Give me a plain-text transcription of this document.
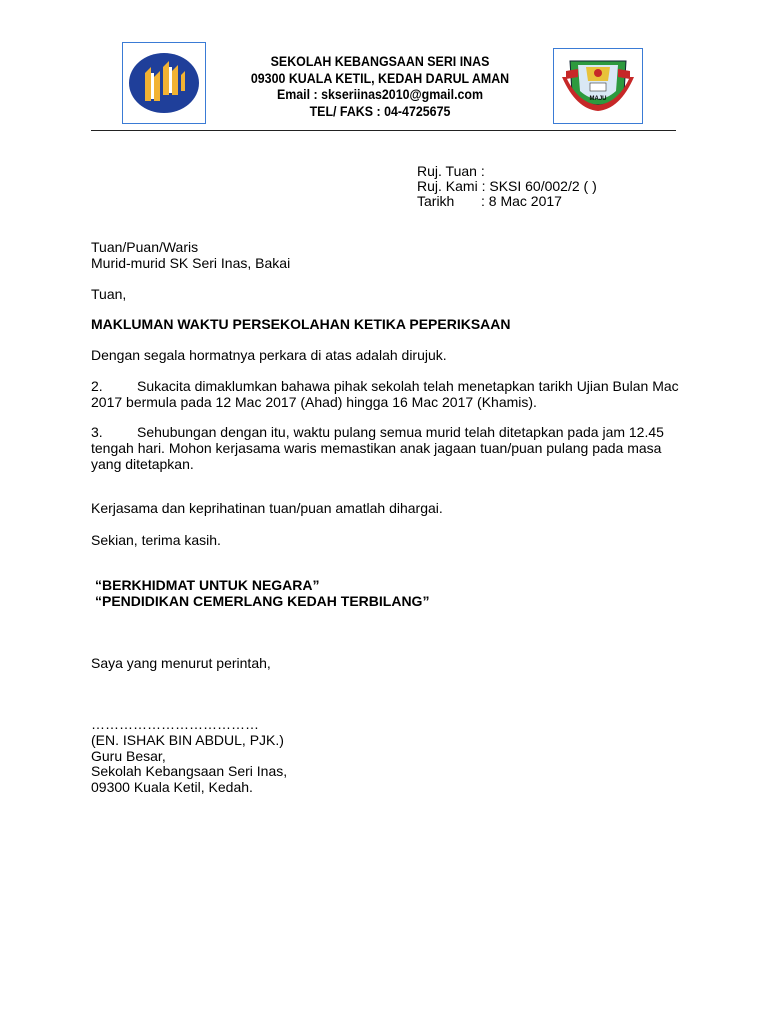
SEKOLAH KEBANGSAAN SERI INAS
09300 KUALA KETIL, KEDAH DARUL AMAN
Email : skseriinas2010@gmail.com
TEL/ FAKS : 04-4725675
MAJU
Ruj. Tuan :
Ruj. Kami : SKSI 60/002/2 ( )
Tarikh : 8 Mac 2017
Tuan/Puan/Waris
Murid-murid SK Seri Inas, Bakai
Tuan,
MAKLUMAN WAKTU PERSEKOLAHAN KETIKA PEPERIKSAAN
Dengan segala hormatnya perkara di atas adalah dirujuk.
2. Sukacita dimaklumkan bahawa pihak sekolah telah menetapkan tarikh Ujian Bulan Mac 2017 bermula pada 12 Mac 2017 (Ahad) hingga 16 Mac 2017 (Khamis).
3. Sehubungan dengan itu, waktu pulang semua murid telah ditetapkan pada jam 12.45 tengah hari. Mohon kerjasama waris memastikan anak jagaan tuan/puan pulang pada masa yang ditetapkan.
Kerjasama dan keprihatinan tuan/puan amatlah dihargai.
Sekian, terima kasih.
“BERKHIDMAT UNTUK NEGARA”
“PENDIDIKAN CEMERLANG KEDAH TERBILANG”
Saya yang menurut perintah,
………………………………
(EN. ISHAK BIN ABDUL, PJK.)
Guru Besar,
Sekolah Kebangsaan Seri Inas,
09300 Kuala Ketil, Kedah.
